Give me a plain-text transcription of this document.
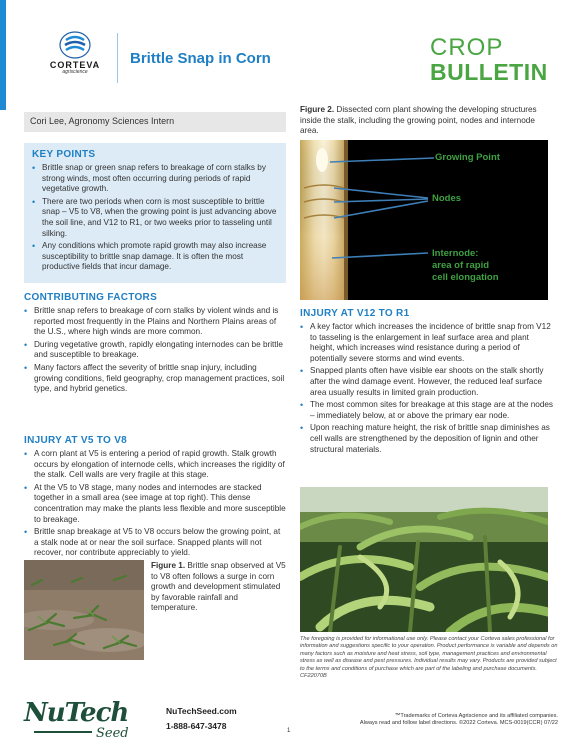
CORTEVA
agriscience
Brittle Snap in Corn	CROP
BULLETIN
Cori Lee, Agronomy Sciences Intern
KEY POINTS
• Brittle snap or green snap refers to breakage of corn stalks by strong winds, most often occurring during periods of rapid vegetative growth.
• There are two periods when corn is most susceptible to brittle snap – V5 to V8, when the growing point is just advancing above the soil line, and V12 to R1, or two weeks prior to tasseling until silking.
• Any conditions which promote rapid growth may also increase susceptibility to brittle snap damage. It is often the most productive fields that incur damage.
CONTRIBUTING FACTORS
• Brittle snap refers to breakage of corn stalks by violent winds and is reported most frequently in the Plains and Northern Plains areas of the U.S., where high winds are more common.
• During vegetative growth, rapidly elongating internodes can be brittle and susceptible to breakage.
• Many factors affect the severity of brittle snap injury, including growing conditions, field geography, crop management practices, soil type, and hybrid genetics.
INJURY AT V5 TO V8
• A corn plant at V5 is entering a period of rapid growth. Stalk growth occurs by elongation of internode cells, which increases the rigidity of the stalk. Cell walls are very fragile at this stage.
• At the V5 to V8 stage, many nodes and internodes are stacked together in a small area (see image at top right). This dense concentration may make the plants less flexible and more susceptible to breakage.
• Brittle snap breakage at V5 to V8 occurs below the growing point, at a stalk node at or near the soil surface. Snapped plants will not recover, nor contribute appreciably to yield.
Figure 1. Brittle snap observed at V5 to V8 often follows a surge in corn growth and development stimulated by favorable rainfall and temperature.
Figure 2. Dissected corn plant showing the developing structures inside the stalk, including the growing point, nodes and internode area.
Growing Point
Nodes
Internode:
area of rapid
cell elongation
INJURY AT V12 TO R1
• A key factor which increases the incidence of brittle snap from V12 to tasseling is the enlargement in leaf surface area and plant height, which increases wind resistance during a period of potentially severe storms and wind events.
• Snapped plants often have visible ear shoots on the stalk shortly after the wind damage event. However, the reduced leaf surface area usually results in limited grain production.
• The most common sites for breakage at this stage are at the nodes – immediately below, at or above the primary ear node.
• Upon reaching mature height, the risk of brittle snap diminishes as cell walls are strengthened by the deposition of lignin and other structural materials.
The foregoing is provided for informational use only. Please contact your Corteva sales professional for information and suggestions specific to your operation. Product performance is variable and depends on many factors such as moisture and heat stress, soil type, management practices and environmental stress as well as disease and pest pressures. Individual results may vary. Products are provided subject to the terms and conditions of purchase which are part of the labeling and purchase documents. CF22070B
NuTech
Seed
NuTechSeed.com
1-888-647-3478	1
™Trademarks of Corteva Agriscience and its affiliated companies.
Always read and follow label directions. ©2022 Corteva. MCS-0019(CCR) 07/22
